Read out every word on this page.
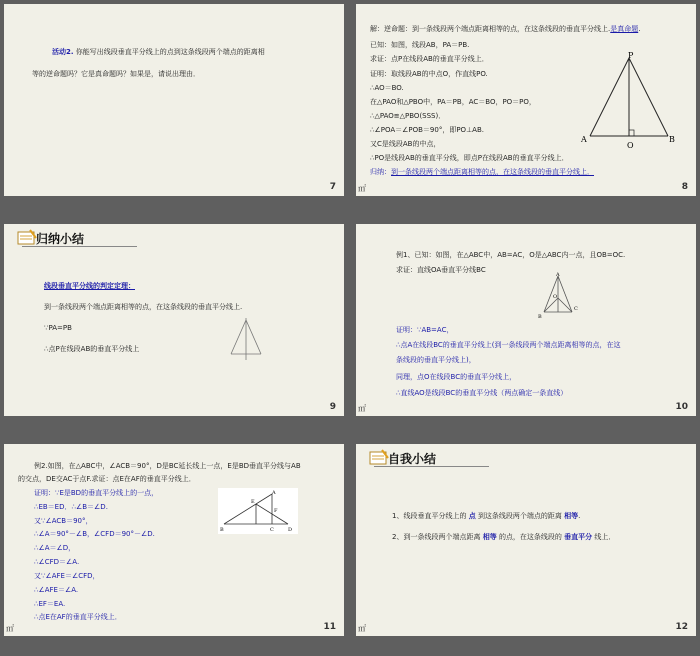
活动2. 你能写出线段垂直平分线上的点到这条线段两个端点的距离相
等的逆命题吗？它是真命题吗？如果是，请说出理由．
7
解：逆命题：到一条线段两个端点距离相等的点，在这条线段的垂直平分线上.是真命题.
已知：如图，线段AB，PA＝PB.
求证：点P在线段AB的垂直平分线上．
证明：取线段AB的中点O，作直线PO.
∴AO＝BO.
在△PAO和△PBO中，PA＝PB，AC＝BO，PO＝PO，
∴△PAO≌△PBO(SSS)．
∴∠POA＝∠POB＝90°，即PO⊥AB.
又C是线段AB的中点，
∴PO是线段AB的垂直平分线，即点P在线段AB的垂直平分线上．
归纳：到一条线段两个端点距离相等的点，在这条线段的垂直平分线上．
P
A	B
O
㎡	8
归纳小结
线段垂直平分线的判定定理：
到一条线段两个端点距离相等的点，在这条线段的垂直平分线上.
∵PA=PB
∴点P在线段AB的垂直平分线上
9
例1、已知：如图，在△ABC中，AB=AC，O是△ABC内一点，且OB=OC.
求证：直线OA垂直平分线BC
A
O
B
C
证明：∵AB=AC，
∴点A在线段BC的垂直平分线上(到一条线段两个端点距离相等的点，在这
条线段的垂直平分线上)，
同理，点O在线段BC的垂直平分线上，
∴直线AO是线段BC的垂直平分线（两点确定一条直线）
㎡	10
例2.如图，在△ABC中，∠ACB＝90°，D是BC延长线上一点，E是BD垂直平分线与AB
的交点，DE交AC于点F.求证：点E在AF的垂直平分线上．
证明：∵E是BD的垂直平分线上的一点，
∴EB＝ED．∴∠B＝∠D.
又∵∠ACB＝90°，
∴∠A＝90°－∠B，∠CFD＝90°－∠D.
∴∠A＝∠D，
∴∠CFD＝∠A.
又∵∠AFE＝∠CFD，
∴∠AFE＝∠A.
∴EF＝EA.
∴点E在AF的垂直平分线上．
A
E
F
B	C	D
㎡	11
自我小结
1、线段垂直平分线上的 点 到这条线段两个端点的距离 相等.
2、到一条线段两个端点距离 相等 的点，在这条线段的 垂直平分 线上．
㎡	12
